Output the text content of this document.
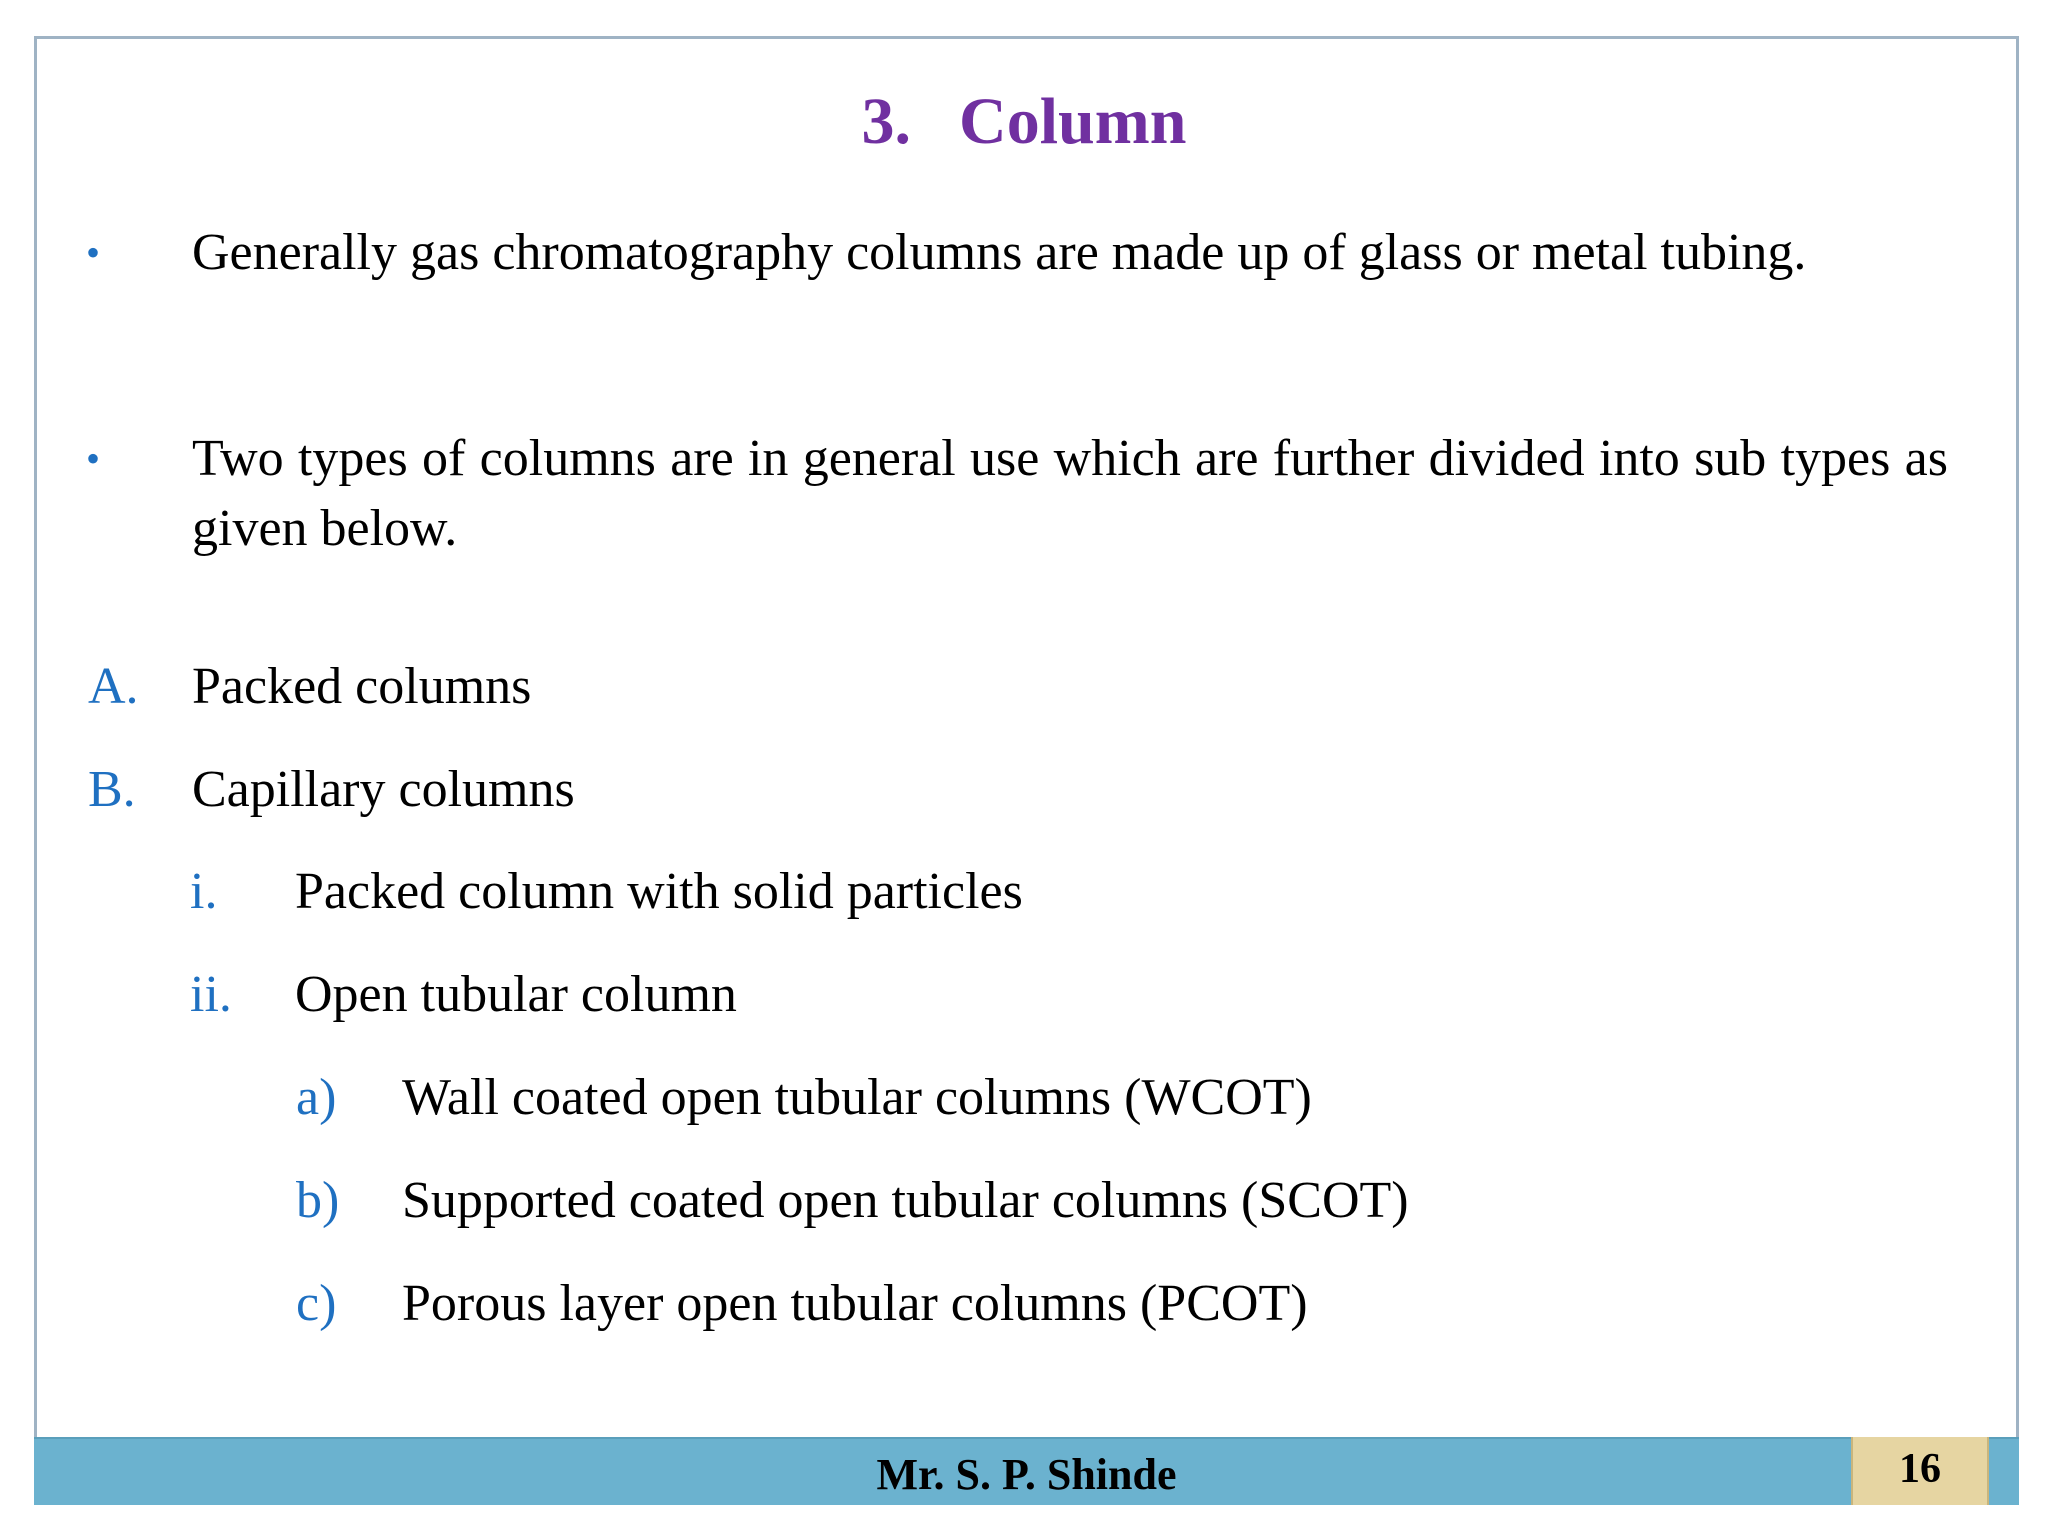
3. Column
• Generally gas chromatography columns are made up of glass or metal tubing.
• Two types of columns are in general use which are further divided into sub types as given below.
A. Packed columns
B. Capillary columns
i. Packed column with solid particles
ii. Open tubular column
a) Wall coated open tubular columns (WCOT)
b) Supported coated open tubular columns (SCOT)
c) Porous layer open tubular columns (PCOT)
Mr. S. P. Shinde	16
